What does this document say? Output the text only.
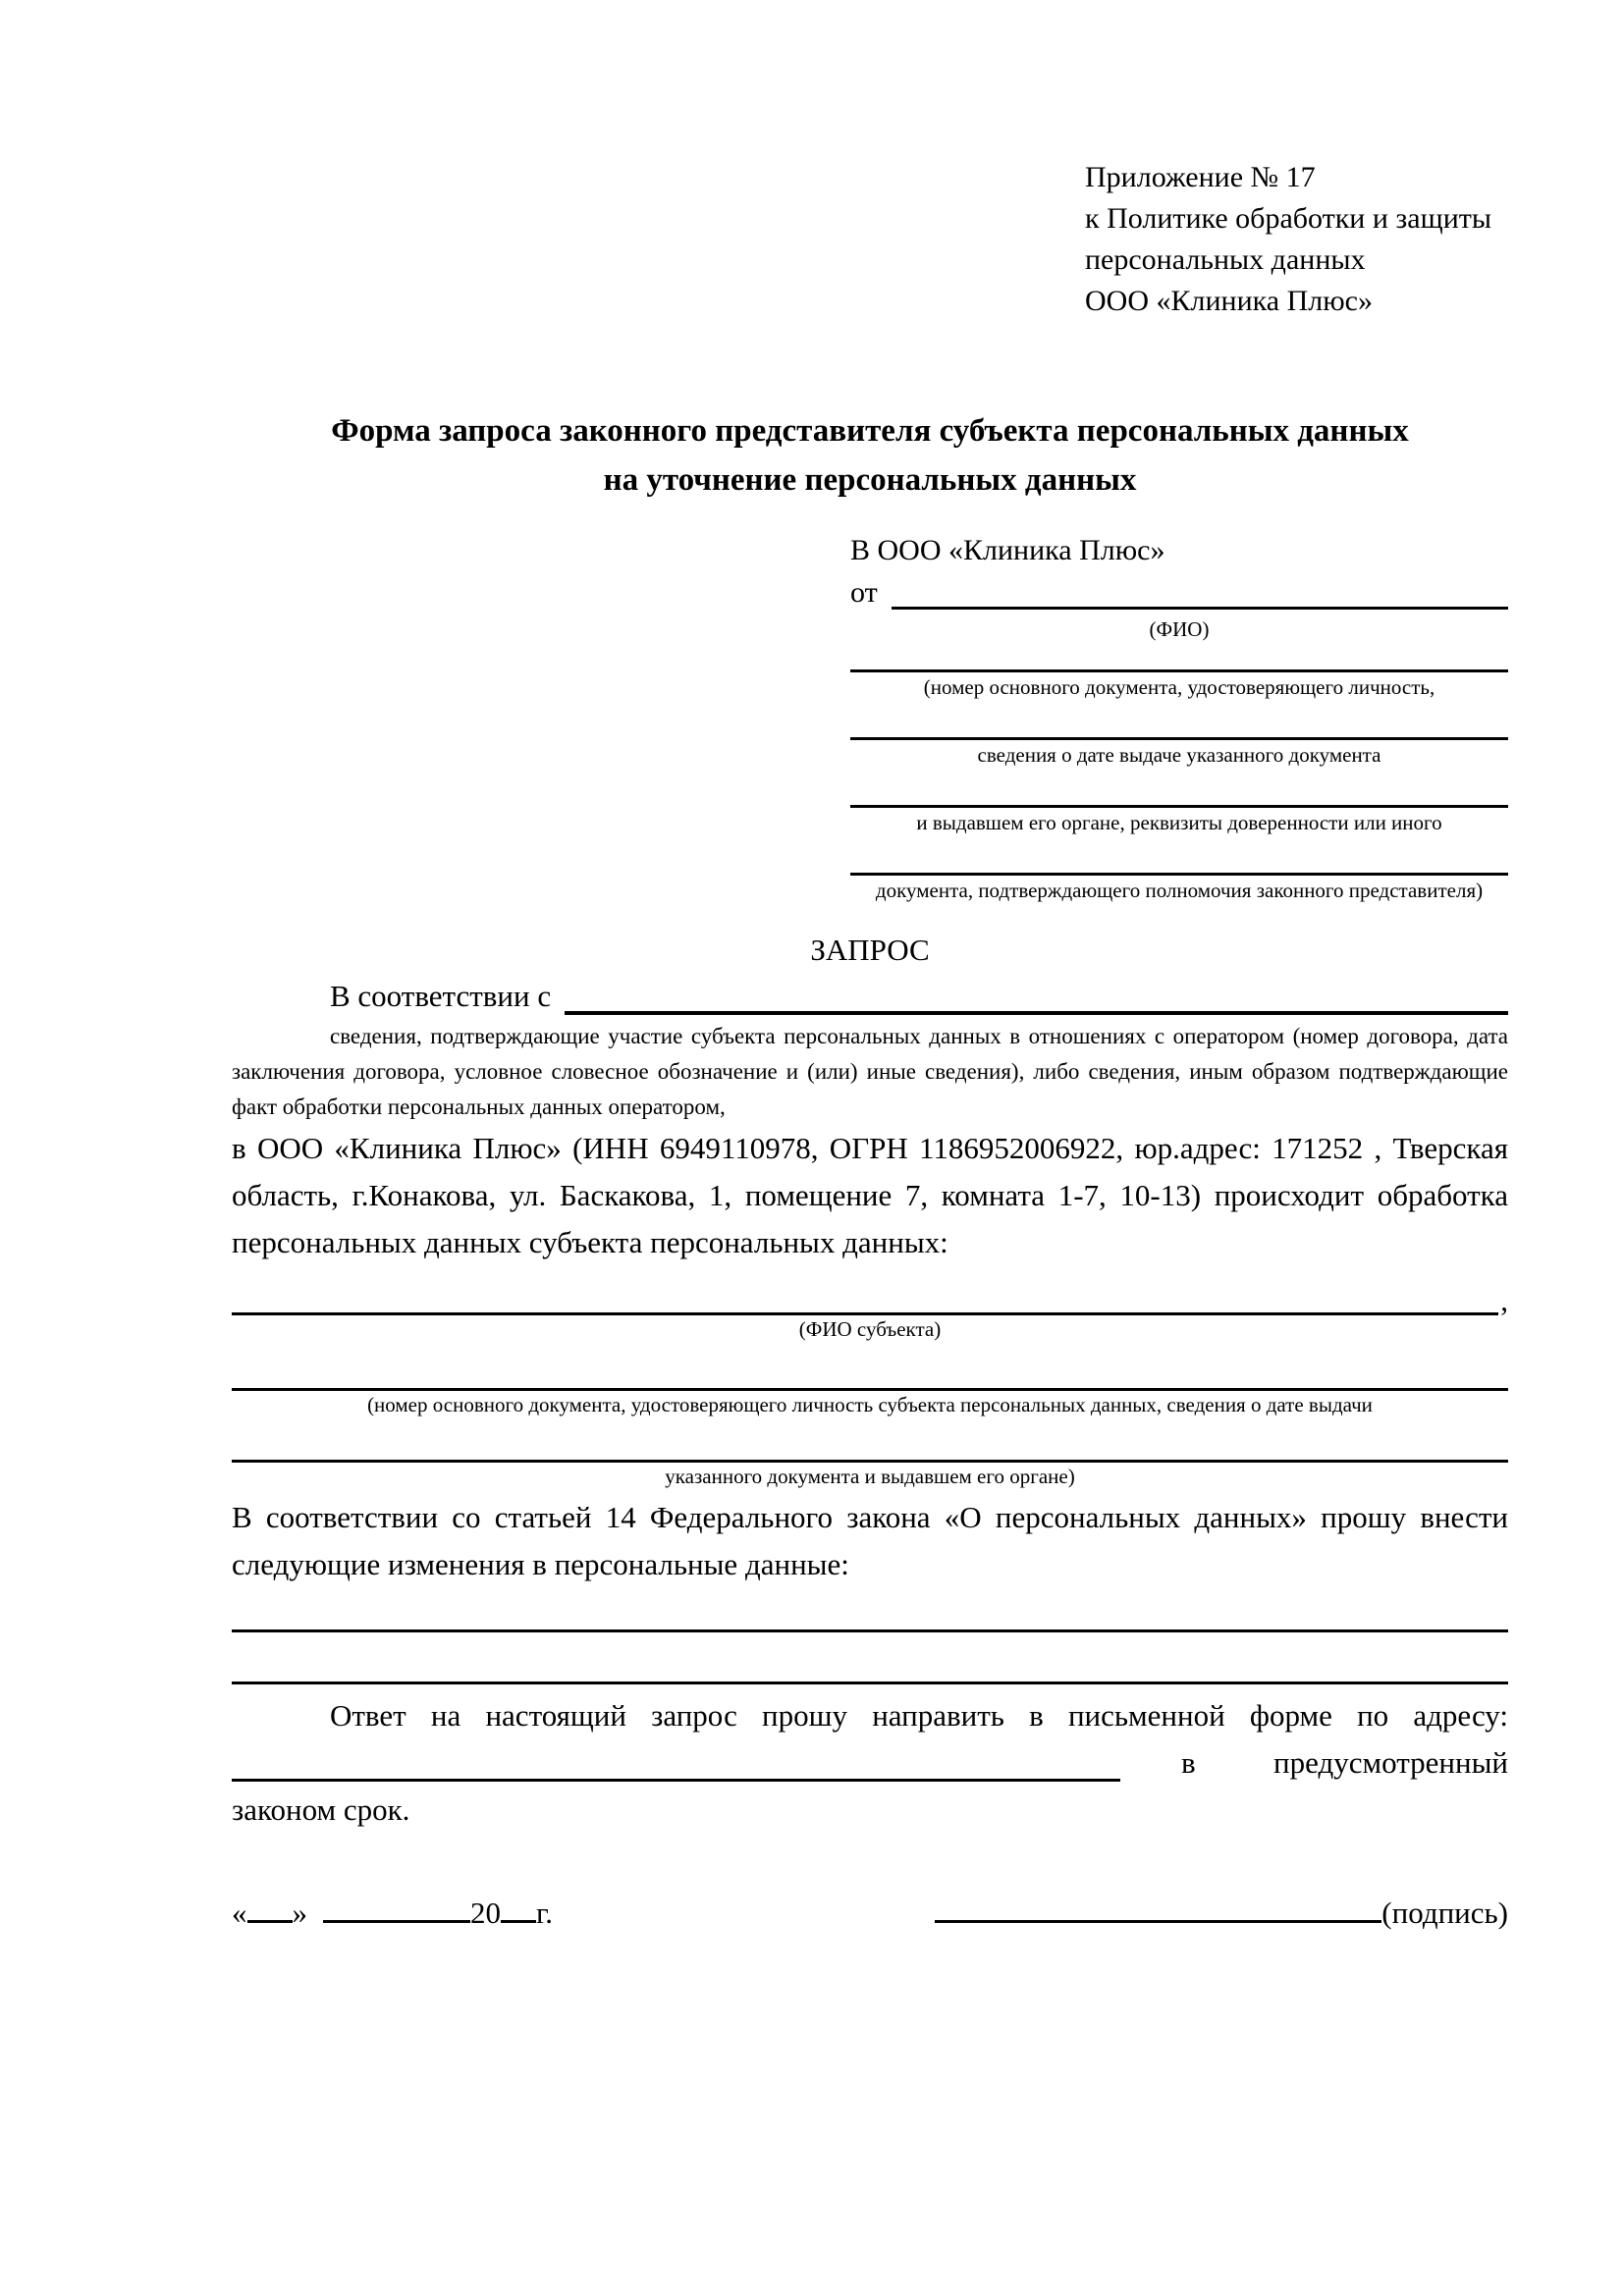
Приложение № 17
к Политике обработки и защиты
персональных данных
ООО «Клиника Плюс»
Форма запроса законного представителя субъекта персональных данных
на уточнение персональных данных
В ООО «Клиника Плюс»
от
(ФИО)
(номер основного документа, удостоверяющего личность,
сведения о дате выдаче указанного документа
и выдавшем его органе, реквизиты доверенности или иного
документа, подтверждающего полномочия законного представителя)
ЗАПРОС
В соответствии с
сведения, подтверждающие участие субъекта персональных данных в отношениях с оператором (номер договора, дата заключения договора, условное словесное обозначение и (или) иные сведения), либо сведения, иным образом подтверждающие факт обработки персональных данных оператором,
в ООО «Клиника Плюс» (ИНН 6949110978, ОГРН 1186952006922, юр.адрес: 171252 , Тверская область, г.Конакова, ул. Баскакова, 1, помещение 7, комната 1-7, 10-13) происходит обработка персональных данных субъекта персональных данных:
,
(ФИО субъекта)
(номер основного документа, удостоверяющего личность субъекта персональных данных, сведения о дате выдачи
указанного документа и выдавшем его органе)
В соответствии со статьей 14 Федерального закона «О персональных данных» прошу внести следующие изменения в персональные данные:
Ответ на настоящий запрос прошу направить в письменной форме по адресу:
в	предусмотренный
законом срок.
« »	20 г.	(подпись)
